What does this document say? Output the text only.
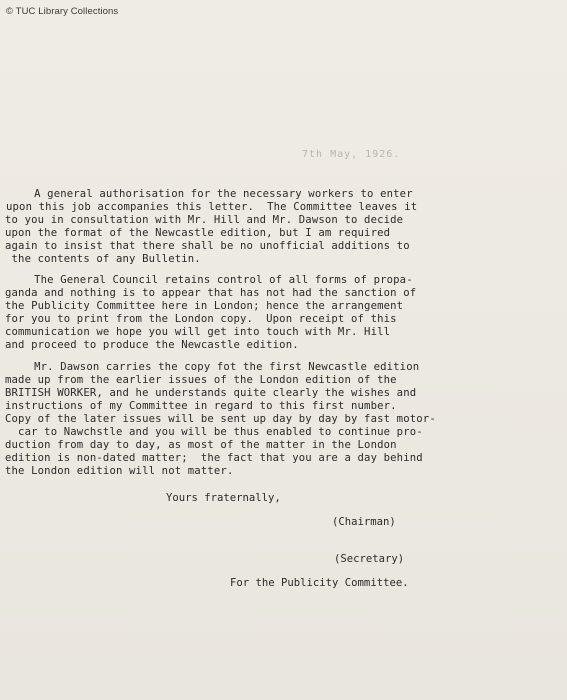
© TUC Library Collections
7th May, 1926.
A general authorisation for the necessary workers to enter
upon this job accompanies this letter.  The Committee leaves it
to you in consultation with Mr. Hill and Mr. Dawson to decide
upon the format of the Newcastle edition, but I am required
again to insist that there shall be no unofficial additions to
the contents of any Bulletin.
The General Council retains control of all forms of propa-
ganda and nothing is to appear that has not had the sanction of
the Publicity Committee here in London; hence the arrangement
for you to print from the London copy.  Upon receipt of this
communication we hope you will get into touch with Mr. Hill
and proceed to produce the Newcastle edition.
Mr. Dawson carries the copy fot the first Newcastle edition
made up from the earlier issues of the London edition of the
BRITISH WORKER, and he understands quite clearly the wishes and
instructions of my Committee in regard to this first number.
Copy of the later issues will be sent up day by day by fast motor-
car to Nawchstle and you will be thus enabled to continue pro-
duction from day to day, as most of the matter in the London
edition is non-dated matter;  the fact that you are a day behind
the London edition will not matter.
Yours fraternally,
(Chairman)
(Secretary)
For the Publicity Committee.
